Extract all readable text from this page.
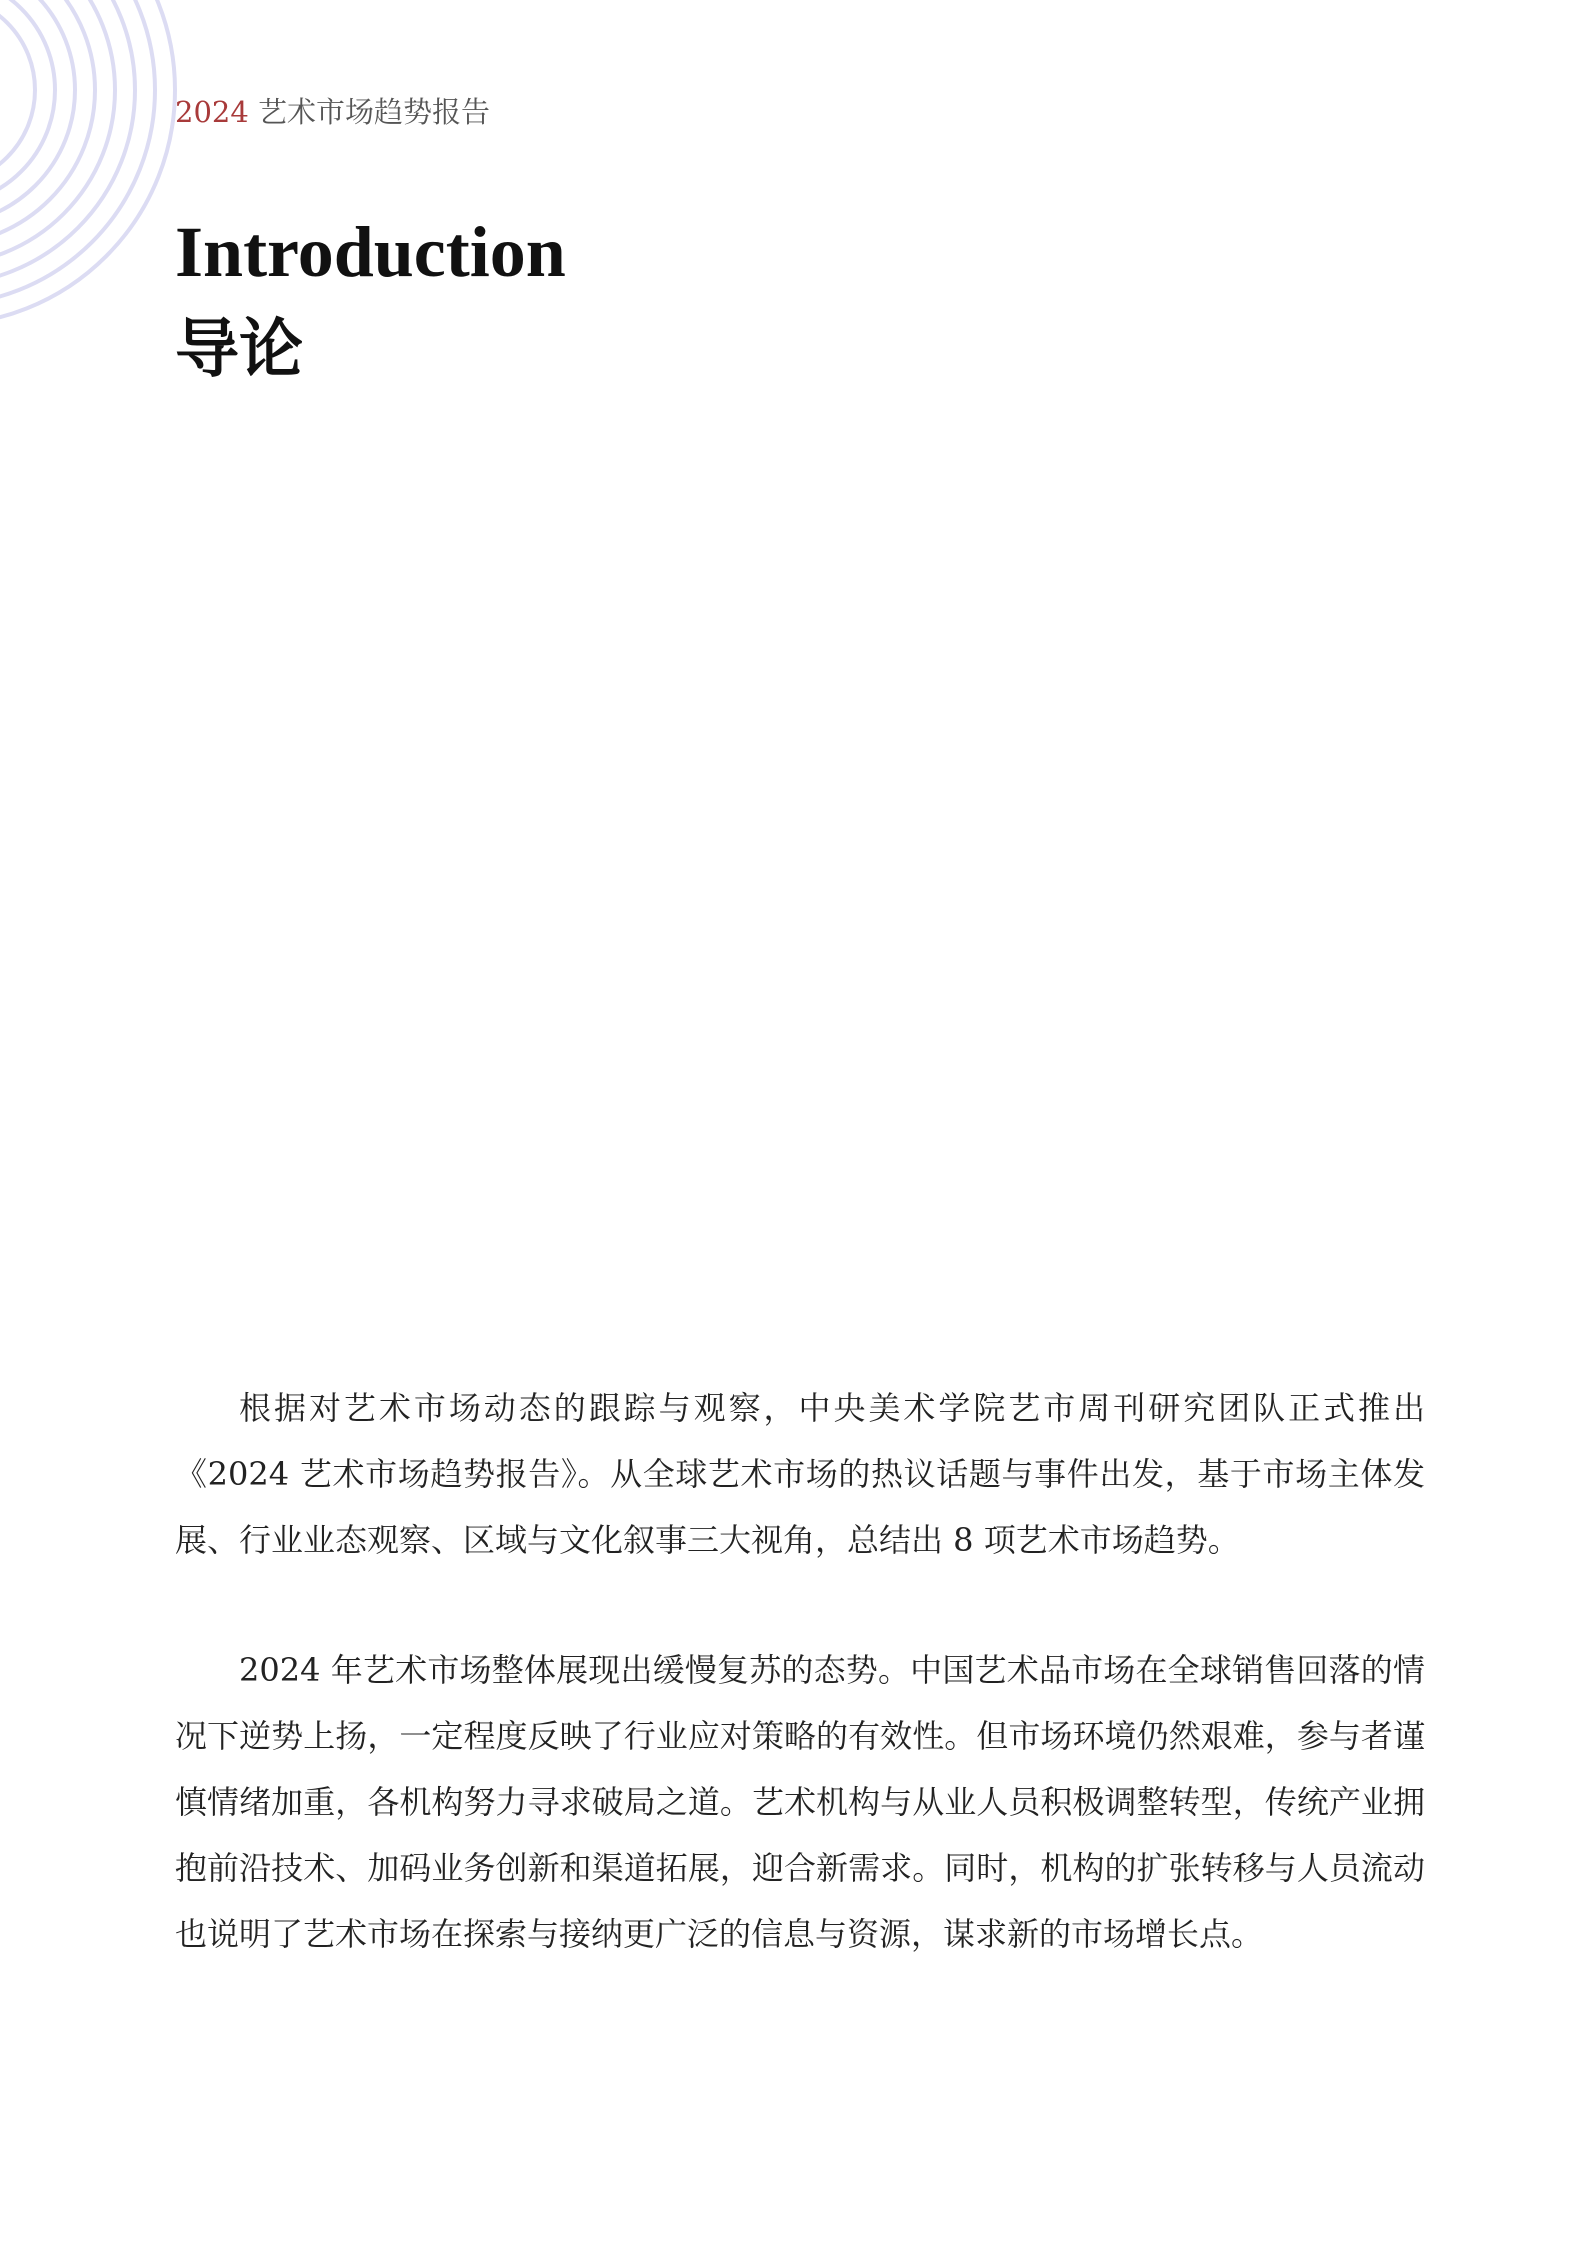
2024 艺术市场趋势报告
Introduction
导论

根据对艺术市场动态的跟踪与观察，中央美术学院艺市周刊研究团队正式推出《2024 艺术市场趋势报告》。从全球艺术市场的热议话题与事件出发，基于市场主体发展、行业业态观察、区域与文化叙事三大视角，总结出 8 项艺术市场趋势。

2024 年艺术市场整体展现出缓慢复苏的态势。中国艺术品市场在全球销售回落的情况下逆势上扬，一定程度反映了行业应对策略的有效性。但市场环境仍然艰难，参与者谨慎情绪加重，各机构努力寻求破局之道。艺术机构与从业人员积极调整转型，传统产业拥抱前沿技术、加码业务创新和渠道拓展，迎合新需求。同时，机构的扩张转移与人员流动也说明了艺术市场在探索与接纳更广泛的信息与资源，谋求新的市场增长点。
